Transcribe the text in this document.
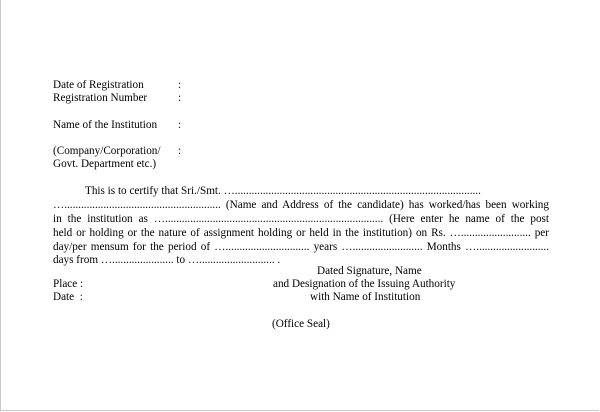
Date of Registration	:
Registration Number	:
Name of the Institution :
(Company/Corporation/ :
Govt. Department etc.)
This is to certify that Sri./Smt. …........................................................................................
…........................................................ (Name and Address of the candidate) has worked/has been working
in the institution as ….............................................................................. (Here enter he name of the post
held or holding or the nature of assignment holding or held in the institution) on Rs. …......................... per
day/per mensum for the period of ….............................. years …......................... Months …..........................
days from …...................... to …........................... .
Dated Signature, Name
Place :	and Designation of the Issuing Authority
Date  :	with Name of Institution
(Office Seal)
